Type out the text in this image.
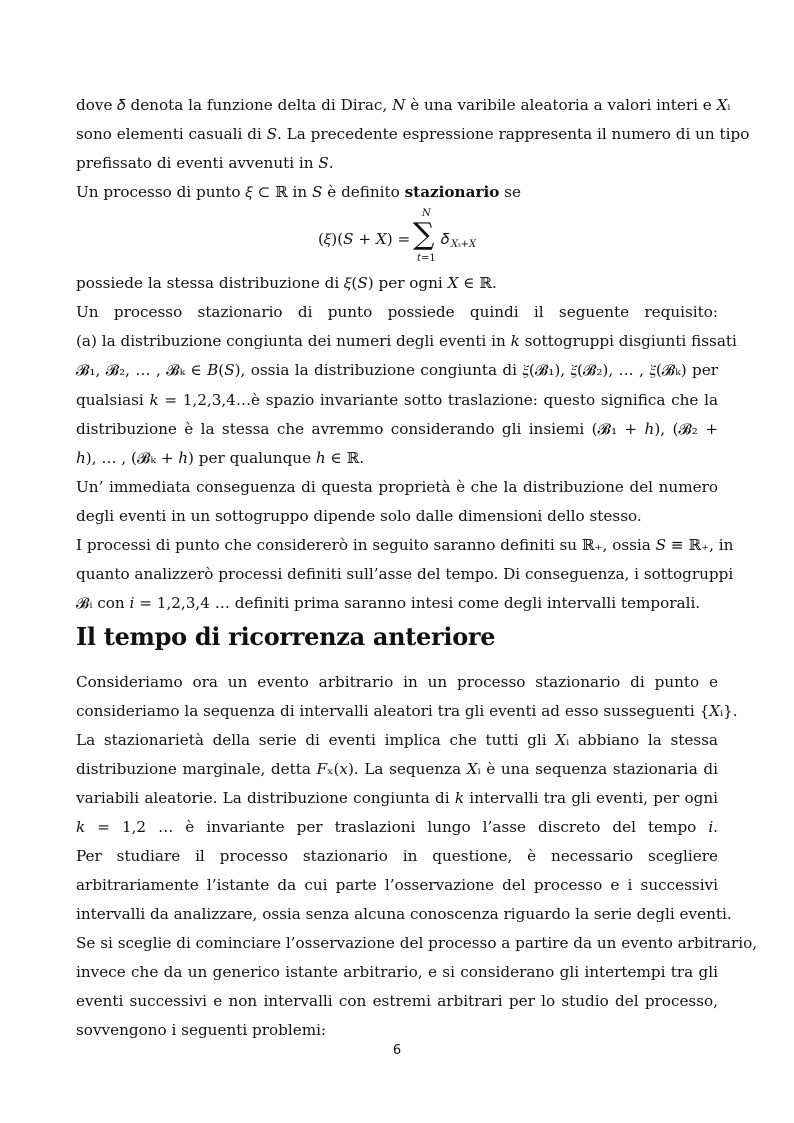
dove 𝛿 denota la funzione delta di Dirac, 𝑁 è una varibile aleatoria a valori interi e 𝑋ᵢ
sono elementi casuali di 𝑆. La precedente espressione rappresenta il numero di un tipo
prefissato di eventi avvenuti in 𝑆.
Un processo di punto 𝜉 ⊂ ℝ in 𝑆 è definito stazionario se
(𝜉)(𝑆 + 𝑋) =
𝑁
∑
𝑡=1
𝛿 𝑋ₜ+𝑋
possiede la stessa distribuzione di 𝜉(𝑆) per ogni 𝑋 ∈ ℝ.
Un processo stazionario di punto possiede quindi il seguente requisito:
(a) la distribuzione congiunta dei numeri degli eventi in 𝑘 sottogruppi disgiunti fissati
𝓑₁, 𝓑₂, … , 𝓑ₖ ∈ 𝐵(𝑆), ossia la distribuzione congiunta di 𝜉(𝓑₁), 𝜉(𝓑₂), … , 𝜉(𝓑ₖ) per
qualsiasi 𝑘 = 1,2,3,4…è spazio invariante sotto traslazione: questo significa che la
distribuzione è la stessa che avremmo considerando gli insiemi (𝓑₁ + ℎ), (𝓑₂ +
ℎ), … , (𝓑ₖ + ℎ) per qualunque ℎ ∈ ℝ.
Un’ immediata conseguenza di questa proprietà è che la distribuzione del numero
degli eventi in un sottogruppo dipende solo dalle dimensioni dello stesso.
I processi di punto che considererò in seguito saranno definiti su ℝ₊, ossia 𝑆 ≡ ℝ₊, in
quanto analizzerò processi definiti sull’asse del tempo. Di conseguenza, i sottogruppi
𝓑ᵢ con 𝑖 = 1,2,3,4 … definiti prima saranno intesi come degli intervalli temporali.
Il tempo di ricorrenza anteriore
Consideriamo ora un evento arbitrario in un processo stazionario di punto e
consideriamo la sequenza di intervalli aleatori tra gli eventi ad esso susseguenti {𝑋ᵢ}.
La stazionarietà della serie di eventi implica che tutti gli 𝑋ᵢ abbiano la stessa
distribuzione marginale, detta 𝐹ₓ(𝑥). La sequenza 𝑋ᵢ è una sequenza stazionaria di
variabili aleatorie. La distribuzione congiunta di 𝑘 intervalli tra gli eventi, per ogni
𝑘 = 1,2 … è invariante per traslazioni lungo l’asse discreto del tempo 𝑖.
Per studiare il processo stazionario in questione, è necessario scegliere
arbitrariamente l’istante da cui parte l’osservazione del processo e i successivi
intervalli da analizzare, ossia senza alcuna conoscenza riguardo la serie degli eventi.
Se si sceglie di cominciare l’osservazione del processo a partire da un evento arbitrario,
invece che da un generico istante arbitrario, e si considerano gli intertempi tra gli
eventi successivi e non intervalli con estremi arbitrari per lo studio del processo,
sovvengono i seguenti problemi:
6
